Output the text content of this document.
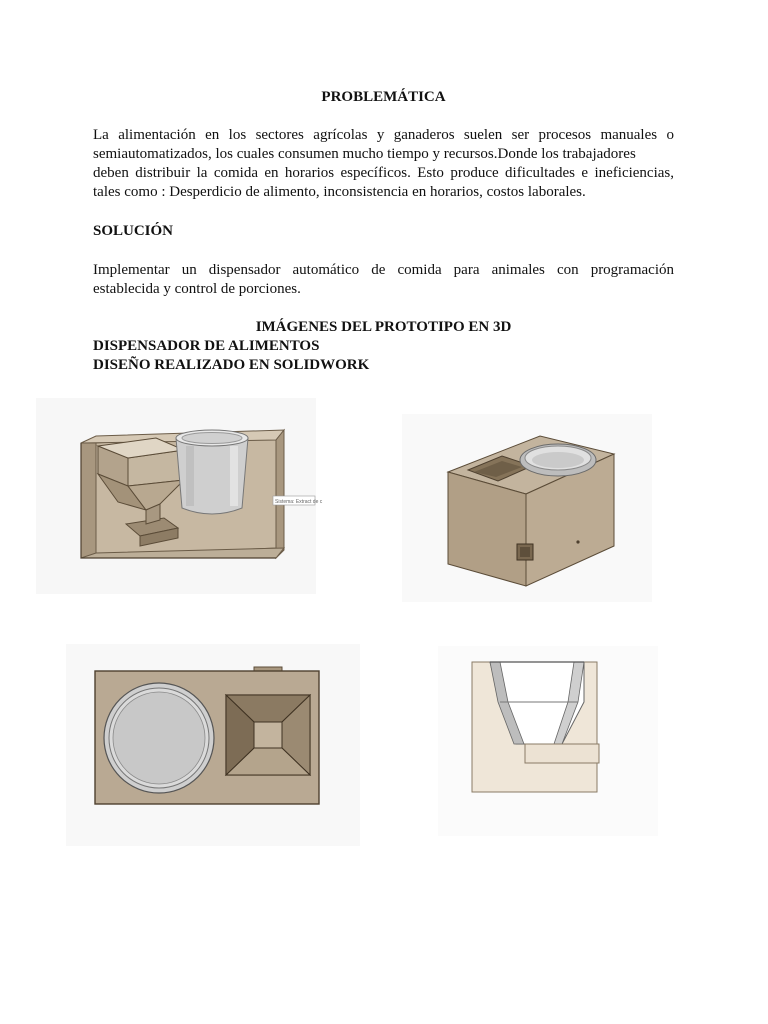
PROBLEMÁTICA
La alimentación en los sectores agrícolas y ganaderos suelen ser procesos manuales o
semiautomatizados, los cuales consumen mucho tiempo y recursos.Donde los trabajadores
deben distribuir la comida en horarios específicos. Esto produce dificultades e ineficiencias,
tales como : Desperdicio de alimento, inconsistencia en horarios, costos laborales.
SOLUCIÓN
Implementar un dispensador automático de comida para animales con programación
establecida y control de porciones.
IMÁGENES DEL PROTOTIPO EN 3D
DISPENSADOR DE ALIMENTOS
DISEÑO REALIZADO EN SOLIDWORK
Sistema: Extract de c
